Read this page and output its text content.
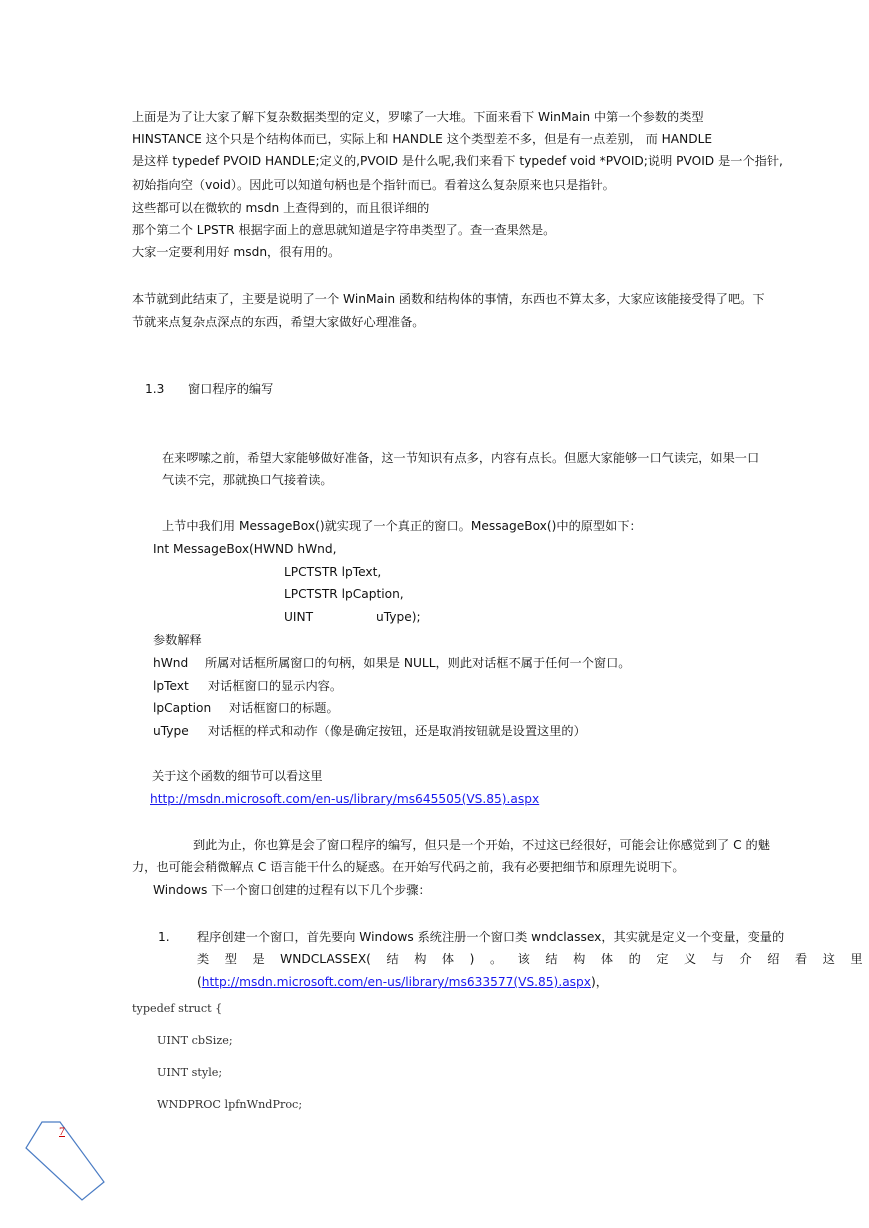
上面是为了让大家了解下复杂数据类型的定义，罗嗦了一大堆。下面来看下 WinMain 中第一个参数的类型
HINSTANCE 这个只是个结构体而已，实际上和 HANDLE 这个类型差不多，但是有一点差别， 而 HANDLE
是这样 typedef PVOID HANDLE;定义的,PVOID 是什么呢,我们来看下 typedef void *PVOID;说明 PVOID 是一个指针,
初始指向空（void）。因此可以知道句柄也是个指针而已。看着这么复杂原来也只是指针。
这些都可以在微软的 msdn 上查得到的，而且很详细的
那个第二个 LPSTR 根据字面上的意思就知道是字符串类型了。查一查果然是。
大家一定要利用好 msdn，很有用的。
本节就到此结束了，主要是说明了一个 WinMain 函数和结构体的事情，东西也不算太多，大家应该能接受得了吧。下
节就来点复杂点深点的东西，希望大家做好心理准备。
1.3 窗口程序的编写
在来啰嗦之前，希望大家能够做好准备，这一节知识有点多，内容有点长。但愿大家能够一口气读完，如果一口
气读不完，那就换口气接着读。
上节中我们用 MessageBox()就实现了一个真正的窗口。MessageBox()中的原型如下：
Int MessageBox(HWND hWnd,
LPCTSTR lpText,
LPCTSTR lpCaption,
UINT	uType);
参数解释
hWnd 所属对话框所属窗口的句柄，如果是 NULL，则此对话框不属于任何一个窗口。
lpText 对话框窗口的显示内容。
lpCaption 对话框窗口的标题。
uType 对话框的样式和动作（像是确定按钮，还是取消按钮就是设置这里的）
关于这个函数的细节可以看这里
http://msdn.microsoft.com/en-us/library/ms645505(VS.85).aspx
到此为止，你也算是会了窗口程序的编写，但只是一个开始，不过这已经很好，可能会让你感觉到了 C 的魅
力，也可能会稍微解点 C 语言能干什么的疑惑。在开始写代码之前，我有必要把细节和原理先说明下。
Windows 下一个窗口创建的过程有以下几个步骤：
1. 程序创建一个窗口，首先要向 Windows 系统注册一个窗口类 wndclassex，其实就是定义一个变量，变量的
类 型 是 WNDCLASSEX( 结 构 体 ) 。 该 结 构 体 的 定 义 与 介 绍 看 这 里
(http://msdn.microsoft.com/en-us/library/ms633577(VS.85).aspx)，
typedef struct {
UINT cbSize;
UINT style;
WNDPROC lpfnWndProc;
7
